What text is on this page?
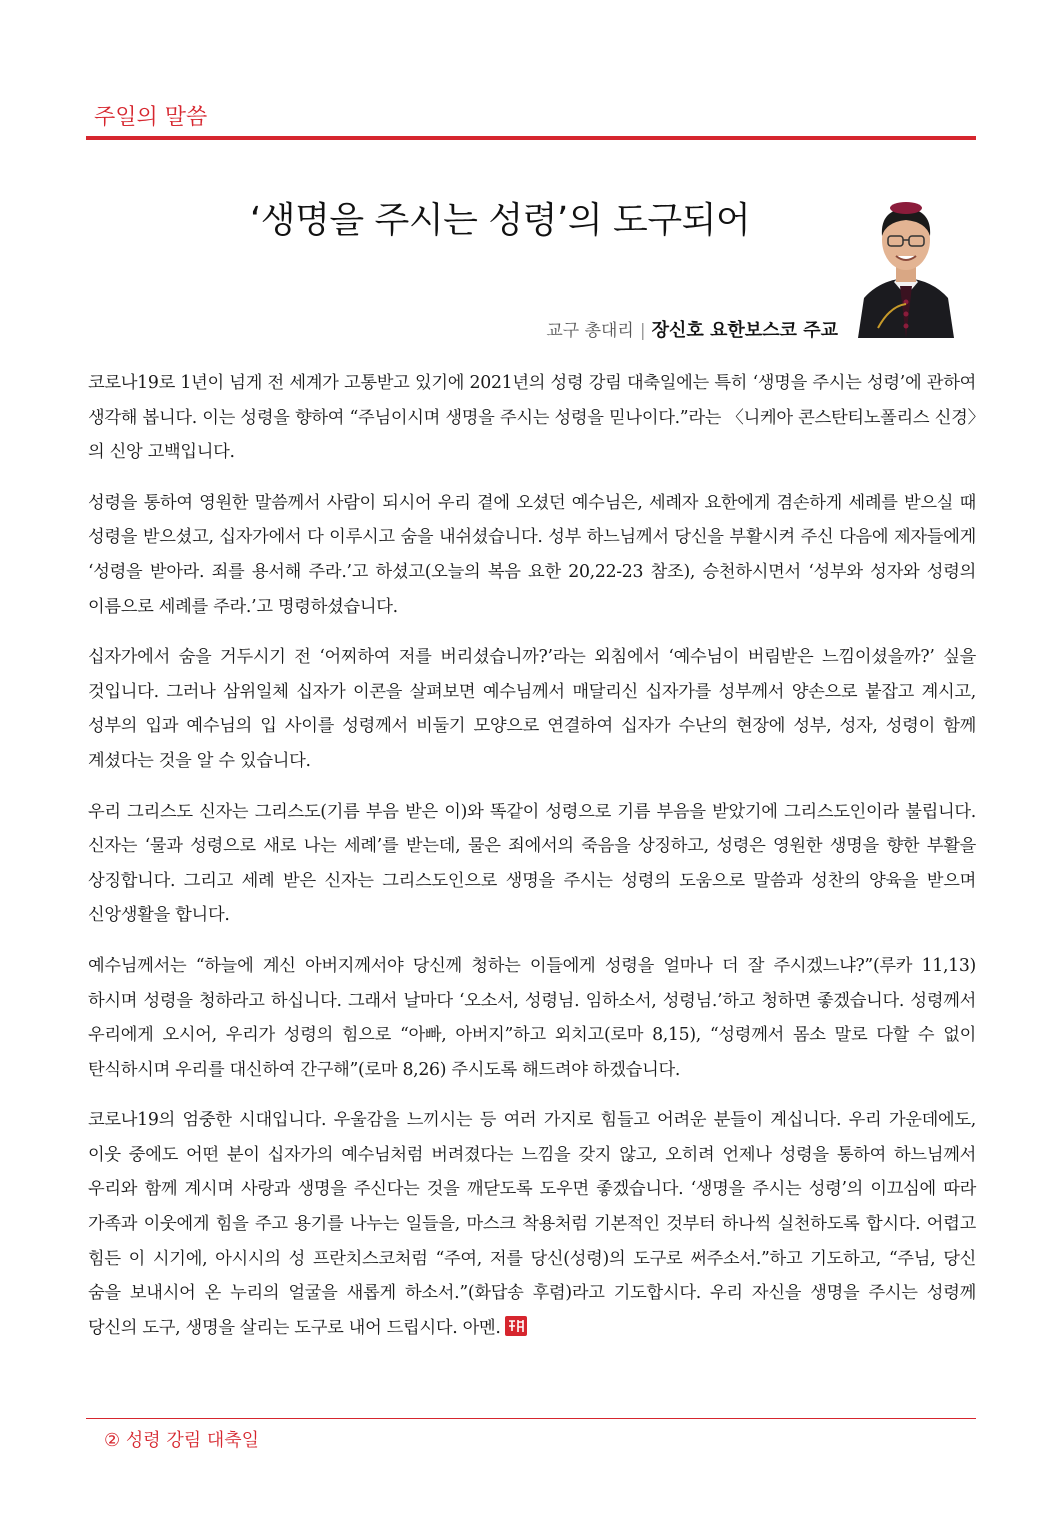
주일의 말씀
‘생명을 주시는 성령’의 도구되어
교구 총대리 | 장신호 요한보스코 주교

코로나19로 1년이 넘게 전 세계가 고통받고 있기에 2021년의 성령 강림 대축일에는 특히 ‘생명을 주시는 성령’에 관하여 생각해 봅니다. 이는 성령을 향하여 “주님이시며 생명을 주시는 성령을 믿나이다.”라는 〈니케아 콘스탄티노폴리스 신경〉의 신앙 고백입니다.

성령을 통하여 영원한 말씀께서 사람이 되시어 우리 곁에 오셨던 예수님은, 세례자 요한에게 겸손하게 세례를 받으실 때 성령을 받으셨고, 십자가에서 다 이루시고 숨을 내쉬셨습니다. 성부 하느님께서 당신을 부활시켜 주신 다음에 제자들에게 ‘성령을 받아라. 죄를 용서해 주라.’고 하셨고(오늘의 복음 요한 20,22-23 참조), 승천하시면서 ‘성부와 성자와 성령의 이름으로 세례를 주라.’고 명령하셨습니다.

십자가에서 숨을 거두시기 전 ‘어찌하여 저를 버리셨습니까?’라는 외침에서 ‘예수님이 버림받은 느낌이셨을까?’ 싶을 것입니다. 그러나 삼위일체 십자가 이콘을 살펴보면 예수님께서 매달리신 십자가를 성부께서 양손으로 붙잡고 계시고, 성부의 입과 예수님의 입 사이를 성령께서 비둘기 모양으로 연결하여 십자가 수난의 현장에 성부, 성자, 성령이 함께 계셨다는 것을 알 수 있습니다.

우리 그리스도 신자는 그리스도(기름 부음 받은 이)와 똑같이 성령으로 기름 부음을 받았기에 그리스도인이라 불립니다. 신자는 ‘물과 성령으로 새로 나는 세례’를 받는데, 물은 죄에서의 죽음을 상징하고, 성령은 영원한 생명을 향한 부활을 상징합니다. 그리고 세례 받은 신자는 그리스도인으로 생명을 주시는 성령의 도움으로 말씀과 성찬의 양육을 받으며 신앙생활을 합니다.

예수님께서는 “하늘에 계신 아버지께서야 당신께 청하는 이들에게 성령을 얼마나 더 잘 주시겠느냐?”(루카 11,13) 하시며 성령을 청하라고 하십니다. 그래서 날마다 ‘오소서, 성령님. 임하소서, 성령님.’하고 청하면 좋겠습니다. 성령께서 우리에게 오시어, 우리가 성령의 힘으로 “아빠, 아버지”하고 외치고(로마 8,15), “성령께서 몸소 말로 다할 수 없이 탄식하시며 우리를 대신하여 간구해”(로마 8,26) 주시도록 해드려야 하겠습니다.

코로나19의 엄중한 시대입니다. 우울감을 느끼시는 등 여러 가지로 힘들고 어려운 분들이 계십니다. 우리 가운데에도, 이웃 중에도 어떤 분이 십자가의 예수님처럼 버려졌다는 느낌을 갖지 않고, 오히려 언제나 성령을 통하여 하느님께서 우리와 함께 계시며 사랑과 생명을 주신다는 것을 깨닫도록 도우면 좋겠습니다. ‘생명을 주시는 성령’의 이끄심에 따라 가족과 이웃에게 힘을 주고 용기를 나누는 일들을, 마스크 착용처럼 기본적인 것부터 하나씩 실천하도록 합시다. 어렵고 힘든 이 시기에, 아시시의 성 프란치스코처럼 “주여, 저를 당신(성령)의 도구로 써주소서.”하고 기도하고, “주님, 당신 숨을 보내시어 온 누리의 얼굴을 새롭게 하소서.”(화답송 후렴)라고 기도합시다. 우리 자신을 생명을 주시는 성령께 당신의 도구, 생명을 살리는 도구로 내어 드립시다. 아멘.

② 성령 강림 대축일
